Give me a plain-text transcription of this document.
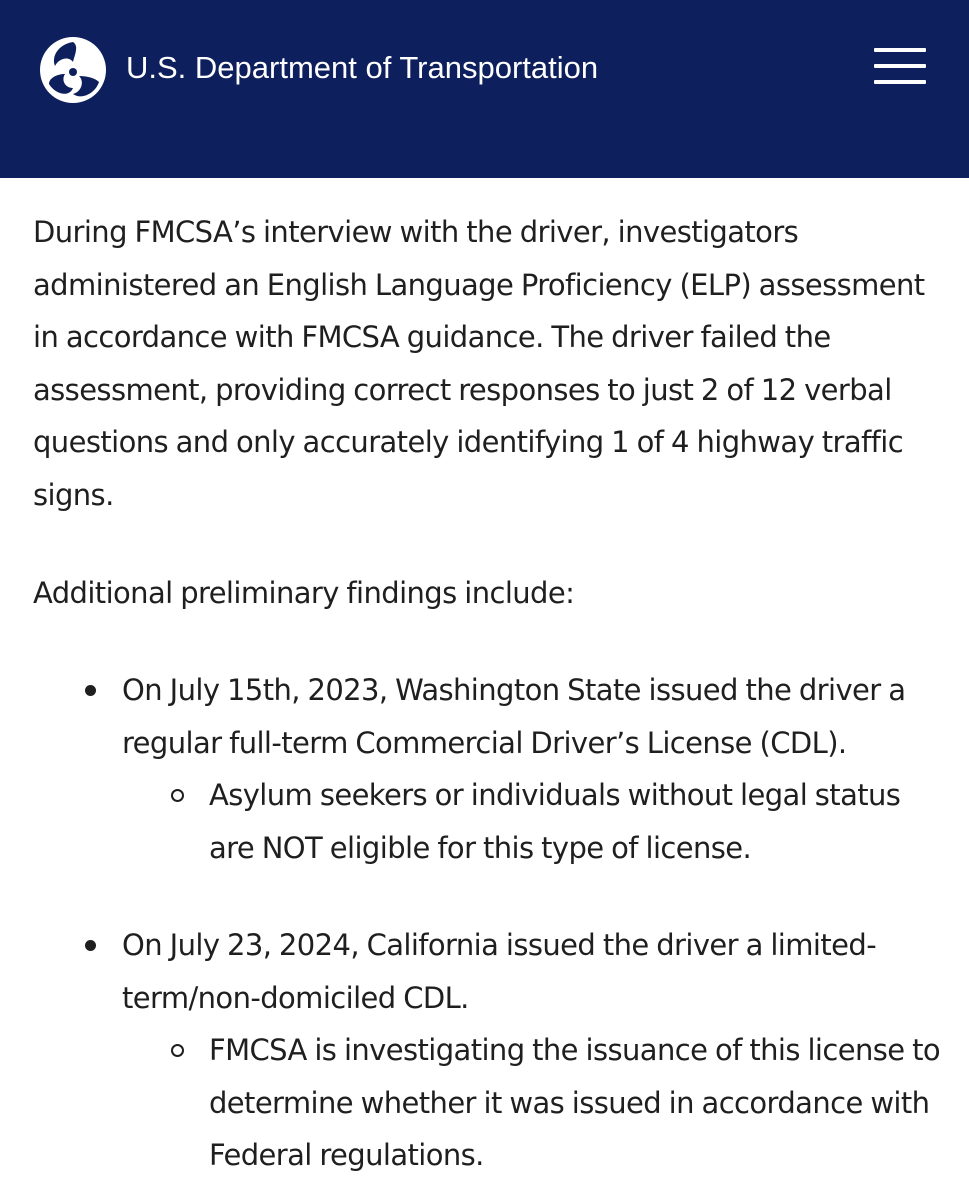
U.S. Department of Transportation

During FMCSA’s interview with the driver, investigators administered an English Language Proficiency (ELP) assessment in accordance with FMCSA guidance. The driver failed the assessment, providing correct responses to just 2 of 12 verbal questions and only accurately identifying 1 of 4 highway traffic signs.

Additional preliminary findings include:

On July 15th, 2023, Washington State issued the driver a regular full-term Commercial Driver’s License (CDL).
Asylum seekers or individuals without legal status are NOT eligible for this type of license.
On July 23, 2024, California issued the driver a limited-term/non-domiciled CDL.
FMCSA is investigating the issuance of this license to determine whether it was issued in accordance with Federal regulations.
